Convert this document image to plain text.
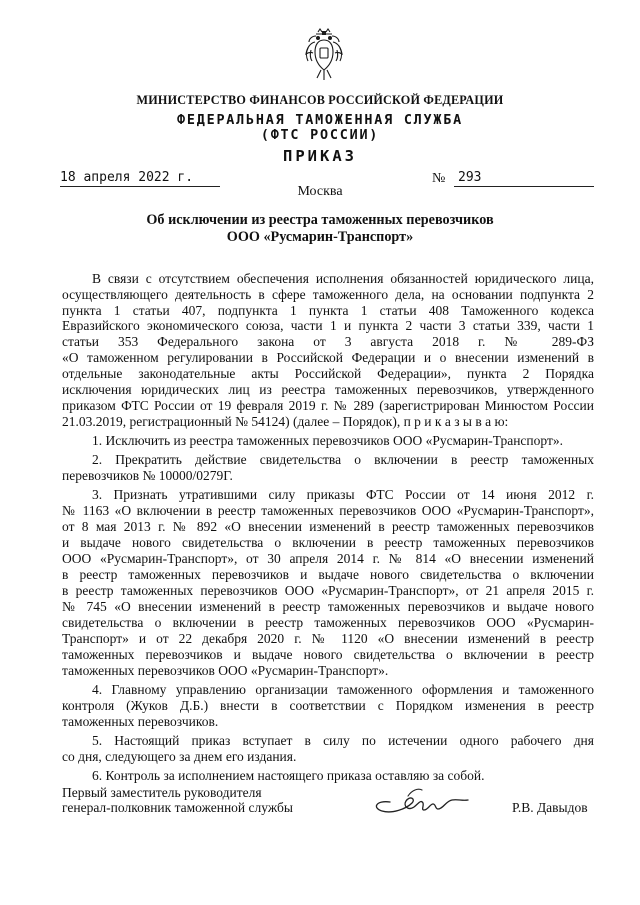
МИНИСТЕРСТВО ФИНАНСОВ РОССИЙСКОЙ ФЕДЕРАЦИИ
ФЕДЕРАЛЬНАЯ ТАМОЖЕННАЯ СЛУЖБА
(ФТС РОССИИ)
ПРИКАЗ
18 апреля 2022 г.	№ 293
Москва
Об исключении из реестра таможенных перевозчиков
ООО «Русмарин-Транспорт»
В связи с отсутствием обеспечения исполнения обязанностей юридического лица,
осуществляющего деятельность в сфере таможенного дела, на основании подпункта 2
пункта 1 статьи 407, подпункта 1 пункта 1 статьи 408 Таможенного кодекса
Евразийского экономического союза, части 1 и пункта 2 части 3 статьи 339, части 1
статьи 353 Федерального закона от 3 августа 2018 г. № 289-ФЗ
«О таможенном регулировании в Российской Федерации и о внесении изменений в
отдельные законодательные акты Российской Федерации», пункта 2 Порядка
исключения юридических лиц из реестра таможенных перевозчиков, утвержденного
приказом ФТС России от 19 февраля 2019 г. № 289 (зарегистрирован Минюстом России
21.03.2019, регистрационный № 54124) (далее – Порядок), п р и к а з ы в а ю:
1. Исключить из реестра таможенных перевозчиков ООО «Русмарин-Транспорт».
2. Прекратить действие свидетельства о включении в реестр таможенных
перевозчиков № 10000/0279Г.
3. Признать утратившими силу приказы ФТС России от 14 июня 2012 г.
№ 1163 «О включении в реестр таможенных перевозчиков ООО «Русмарин-Транспорт»,
от 8 мая 2013 г. № 892 «О внесении изменений в реестр таможенных перевозчиков
и выдаче нового свидетельства о включении в реестр таможенных перевозчиков
ООО «Русмарин-Транспорт», от 30 апреля 2014 г. № 814 «О внесении изменений
в реестр таможенных перевозчиков и выдаче нового свидетельства о включении
в реестр таможенных перевозчиков ООО «Русмарин-Транспорт», от 21 апреля 2015 г.
№ 745 «О внесении изменений в реестр таможенных перевозчиков и выдаче нового
свидетельства о включении в реестр таможенных перевозчиков ООО «Русмарин-
Транспорт» и от 22 декабря 2020 г. № 1120 «О внесении изменений в реестр
таможенных перевозчиков и выдаче нового свидетельства о включении в реестр
таможенных перевозчиков ООО «Русмарин-Транспорт».
4. Главному управлению организации таможенного оформления и таможенного
контроля (Жуков Д.Б.) внести в соответствии с Порядком изменения в реестр
таможенных перевозчиков.
5. Настоящий приказ вступает в силу по истечении одного рабочего дня
со дня, следующего за днем его издания.
6. Контроль за исполнением настоящего приказа оставляю за собой.
Первый заместитель руководителя
генерал-полковник таможенной службы	Р.В. Давыдов
